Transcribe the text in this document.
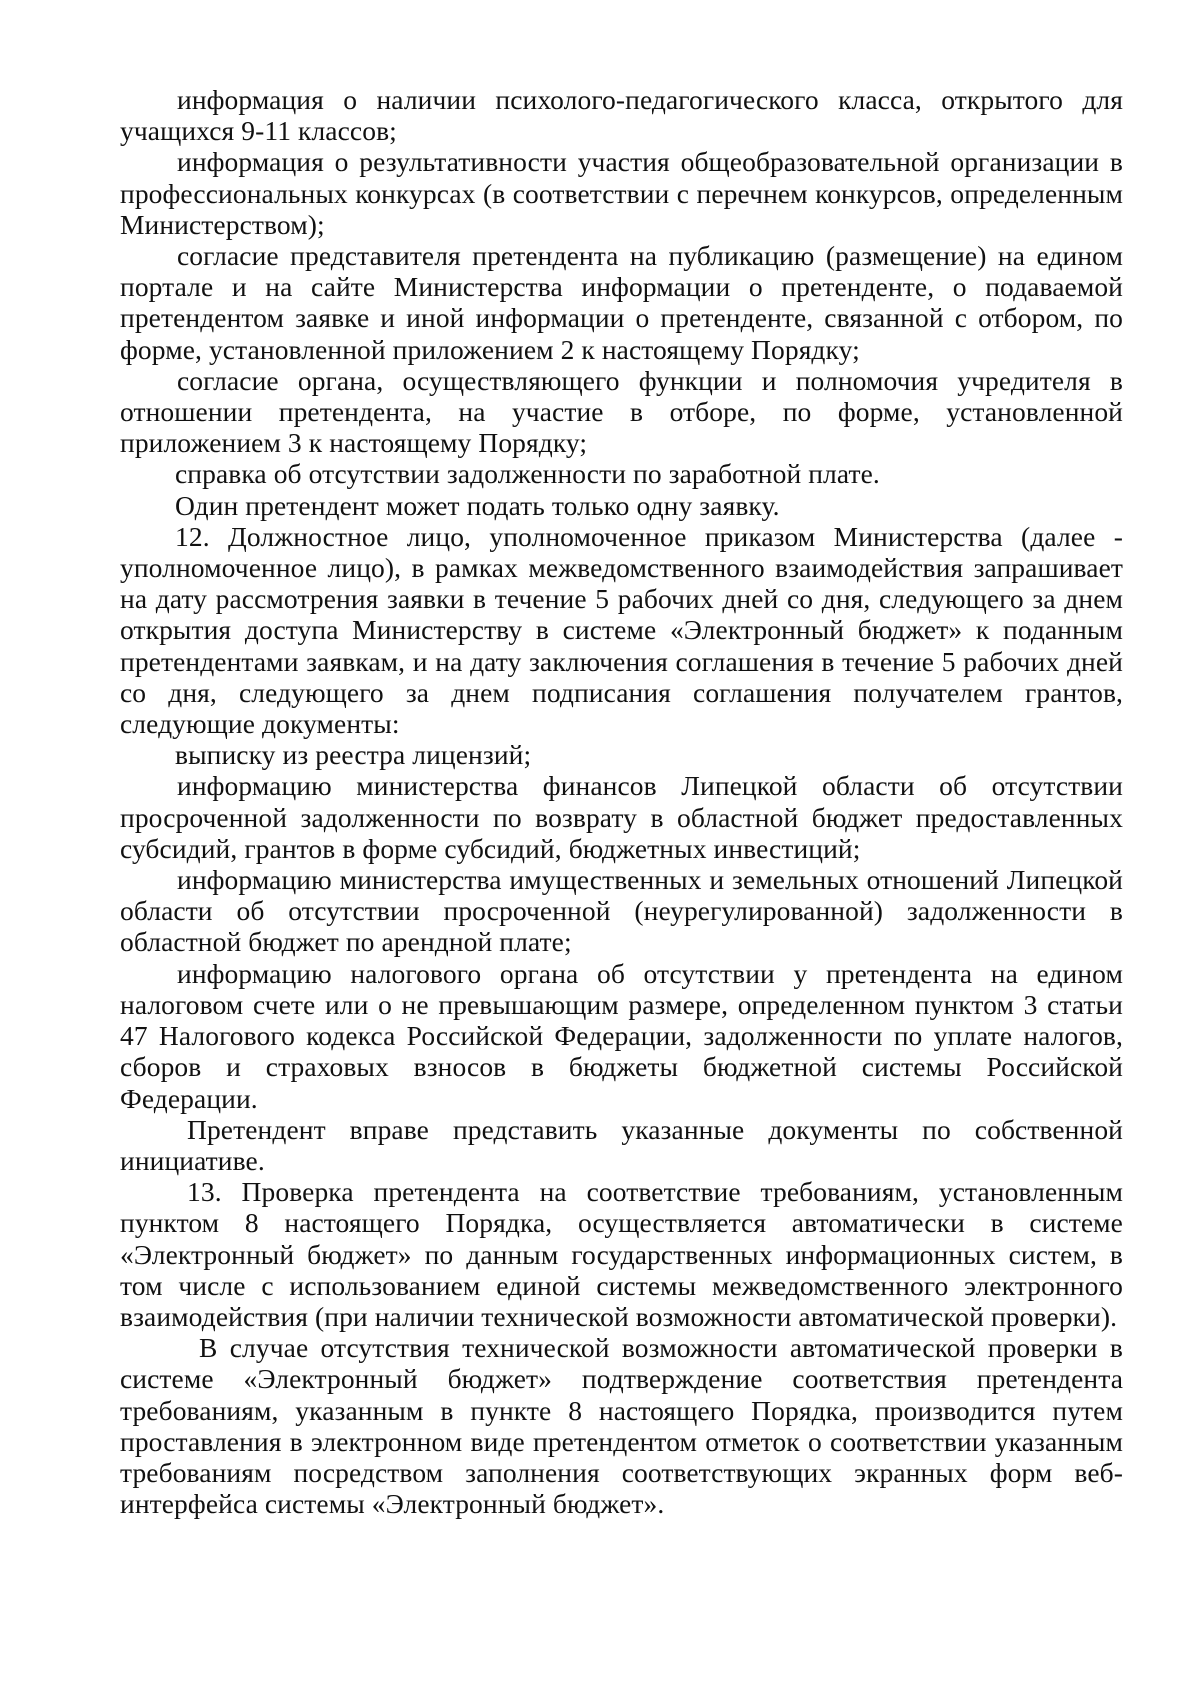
информация о наличии психолого-педагогического класса, открытого для учащихся 9-11 классов;

информация о результативности участия общеобразовательной организации в профессиональных конкурсах (в соответствии с перечнем конкурсов, определенным Министерством);

согласие представителя претендента на публикацию (размещение) на едином портале и на сайте Министерства информации о претенденте, о подаваемой претендентом заявке и иной информации о претенденте, связанной с отбором, по форме, установленной приложением 2 к настоящему Порядку;

согласие органа, осуществляющего функции и полномочия учредителя в отношении претендента, на участие в отборе, по форме, установленной приложением 3 к настоящему Порядку;

справка об отсутствии задолженности по заработной плате.

Один претендент может подать только одну заявку.

12. Должностное лицо, уполномоченное приказом Министерства (далее - уполномоченное лицо), в рамках межведомственного взаимодействия запрашивает на дату рассмотрения заявки в течение 5 рабочих дней со дня, следующего за днем открытия доступа Министерству в системе «Электронный бюджет» к поданным претендентами заявкам, и на дату заключения соглашения в течение 5 рабочих дней со дня, следующего за днем подписания соглашения получателем грантов, следующие документы:

выписку из реестра лицензий;

информацию министерства финансов Липецкой области об отсутствии просроченной задолженности по возврату в областной бюджет предоставленных субсидий, грантов в форме субсидий, бюджетных инвестиций;

информацию министерства имущественных и земельных отношений Липецкой области об отсутствии просроченной (неурегулированной) задолженности в областной бюджет по арендной плате;

информацию налогового органа об отсутствии у претендента на едином налоговом счете или о не превышающим размере, определенном пунктом 3 статьи 47 Налогового кодекса Российской Федерации, задолженности по уплате налогов, сборов и страховых взносов в бюджеты бюджетной системы Российской Федерации.

Претендент вправе представить указанные документы по собственной инициативе.

13. Проверка претендента на соответствие требованиям, установленным пунктом 8 настоящего Порядка, осуществляется автоматически в системе «Электронный бюджет» по данным государственных информационных систем, в том числе с использованием единой системы межведомственного электронного взаимодействия (при наличии технической возможности автоматической проверки).

В случае отсутствия технической возможности автоматической проверки в системе «Электронный бюджет» подтверждение соответствия претендента требованиям, указанным в пункте 8 настоящего Порядка, производится путем проставления в электронном виде претендентом отметок о соответствии указанным требованиям посредством заполнения соответствующих экранных форм веб-интерфейса системы «Электронный бюджет».
